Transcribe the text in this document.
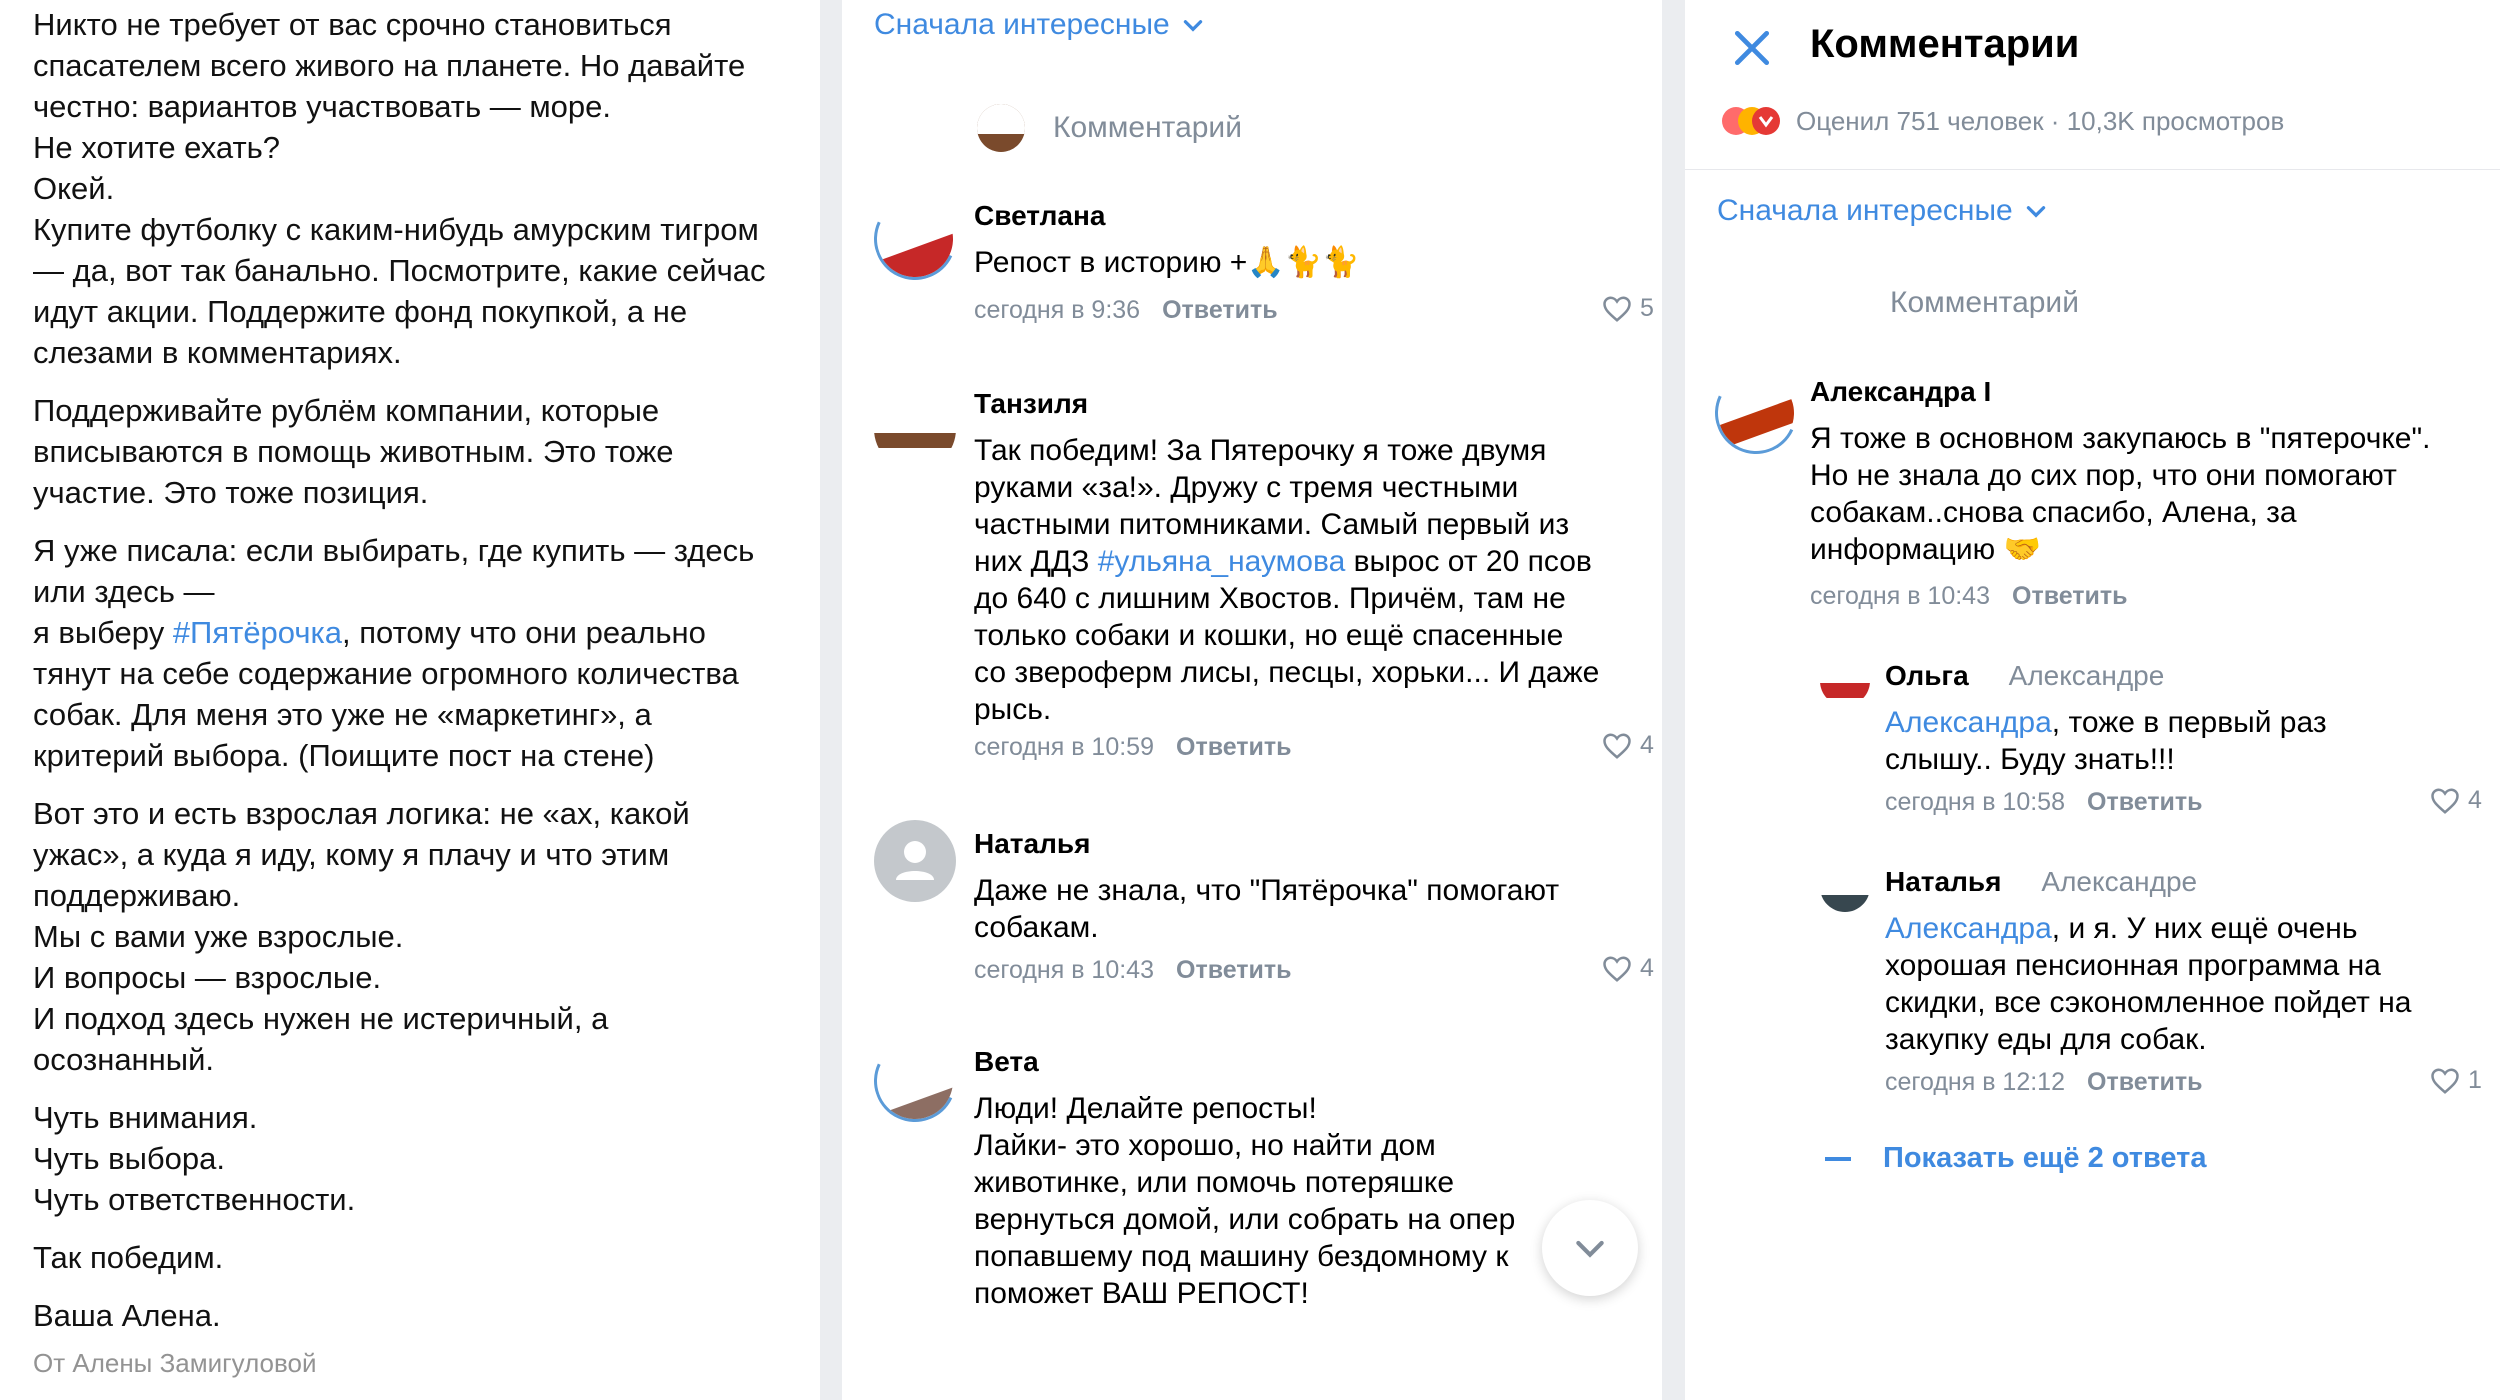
Никто не требует от вас срочно становиться
спасателем всего живого на планете. Но давайте
честно: вариантов участвовать — море.
Не хотите ехать?
Окей.
Купите футболку с каким-нибудь амурским тигром
— да, вот так банально. Посмотрите, какие сейчас
идут акции. Поддержите фонд покупкой, а не
слезами в комментариях.

Поддерживайте рублём компании, которые
вписываются в помощь животным. Это тоже
участие. Это тоже позиция.

Я уже писала: если выбирать, где купить — здесь
или здесь —
я выберу #Пятёрочка, потому что они реально
тянут на себе содержание огромного количества
собак. Для меня это уже не «маркетинг», а
критерий выбора. (Поищите пост на стене)

Вот это и есть взрослая логика: не «ах, какой
ужас», а куда я иду, кому я плачу и что этим
поддерживаю.
Мы с вами уже взрослые.
И вопросы — взрослые.
И подход здесь нужен не истеричный, а
осознанный.

Чуть внимания.
Чуть выбора.
Чуть ответственности.

Так победим.

Ваша Алена.

От Алены Замигуловой
Сначала интересные
Комментарий
Светлана
Репост в историю +🙏🐈🐈
сегодня в 9:36 Ответить	5
Танзиля
Так победим! За Пятерочку я тоже двумя
руками «за!». Дружу с тремя честными
частными питомниками. Самый первый из
них ДДЗ #ульяна_наумова вырос от 20 псов
до 640 с лишним Хвостов. Причём, там не
только собаки и кошки, но ещё спасенные
со звероферм лисы, песцы, хорьки... И даже
рысь.
сегодня в 10:59 Ответить	4
Наталья
Даже не знала, что "Пятёрочка" помогают
собакам.
сегодня в 10:43 Ответить	4
Вета
Люди! Делайте репосты!
Лайки- это хорошо, но найти дом
животинке, или помочь потеряшке
вернуться домой, или собрать на опер
попавшему под машину бездомному к
поможет ВАШ РЕПОСТ!
Комментарии
Оценил 751 человек · 10,3K просмотров
Сначала интересные
Комментарий
Александра I
Я тоже в основном закупаюсь в "пятерочке".
Но не знала до сих пор, что они помогают
собакам..снова спасибо, Алена, за
информацию 🤝
сегодня в 10:43 Ответить
Ольга Александре
Александра, тоже в первый раз
слышу.. Буду знать!!!
сегодня в 10:58 Ответить	4
Наталья Александре
Александра, и я. У них ещё очень
хорошая пенсионная программа на
скидки, все сэкономленное пойдет на
закупку еды для собак.
сегодня в 12:12 Ответить	1
Показать ещё 2 ответа
